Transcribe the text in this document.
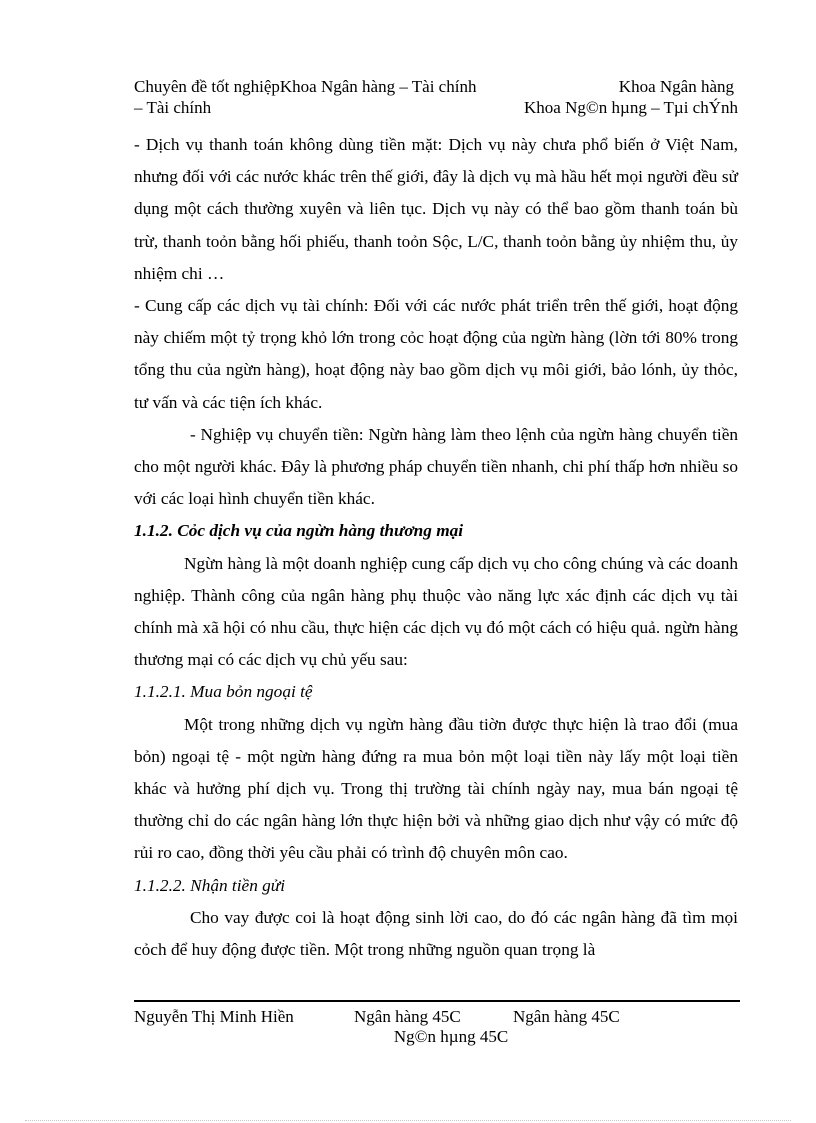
Chuyên đề tốt nghiệpKhoa Ngân hàng – Tài chính	Khoa Ngân hàng
– Tài chính	Khoa Ng©n hµng – Tµi chÝnh

- Dịch vụ thanh toán không dùng tiền mặt: Dịch vụ này chưa phổ biến ở Việt Nam, nhưng đối với các nước khác trên thế giới, đây là dịch vụ mà hầu hết mọi người đều sử dụng một cách thường xuyên và liên tục. Dịch vụ này có thể bao gồm thanh toán bù trừ, thanh toỏn bằng hối phiếu, thanh toỏn Sộc, L/C, thanh toỏn bằng ủy nhiệm thu, ủy nhiệm chi …

- Cung cấp các dịch vụ tài chính: Đối với các nước phát triển trên thế giới, hoạt động này chiếm một tỷ trọng khỏ lớn trong cỏc hoạt động của ngừn hàng (lờn tới 80% trong tổng thu của ngừn hàng), hoạt động này bao gồm dịch vụ môi giới, bảo lónh, ủy thỏc, tư vấn và các tiện ích khác.

- Nghiệp vụ chuyển tiền: Ngừn hàng làm theo lệnh của ngừn hàng chuyển tiền cho một người khác. Đây là phương pháp chuyển tiền nhanh, chi phí thấp hơn nhiều so với các loại hình chuyển tiền khác.

1.1.2. Cỏc dịch vụ của ngừn hàng thương mại

Ngừn hàng là một doanh nghiệp cung cấp dịch vụ cho công chúng và các doanh nghiệp. Thành công của ngân hàng phụ thuộc vào năng lực xác định các dịch vụ tài chính mà xã hội có nhu cầu, thực hiện các dịch vụ đó một cách có hiệu quả. ngừn hàng thương mại có các dịch vụ chủ yếu sau:

1.1.2.1. Mua bỏn ngoại tệ

Một trong những dịch vụ ngừn hàng đầu tiờn được thực hiện là trao đổi (mua bỏn) ngoại tệ - một ngừn hàng đứng ra mua bỏn một loại tiền này lấy một loại tiền khác và hưởng phí dịch vụ. Trong thị trường tài chính ngày nay, mua bán ngoại tệ thường chỉ do các ngân hàng lớn thực hiện bởi và những giao dịch như vậy có mức độ rủi ro cao, đồng thời yêu cầu phải có trình độ chuyên môn cao.

1.1.2.2. Nhận tiền gửi

Cho vay được coi là hoạt động sinh lời cao, do đó các ngân hàng đã tìm mọi cỏch để huy động được tiền. Một trong những nguồn quan trọng là

Nguyễn Thị Minh Hiền	Ngân hàng 45C	Ngân hàng 45C
Ng©n hµng 45C
